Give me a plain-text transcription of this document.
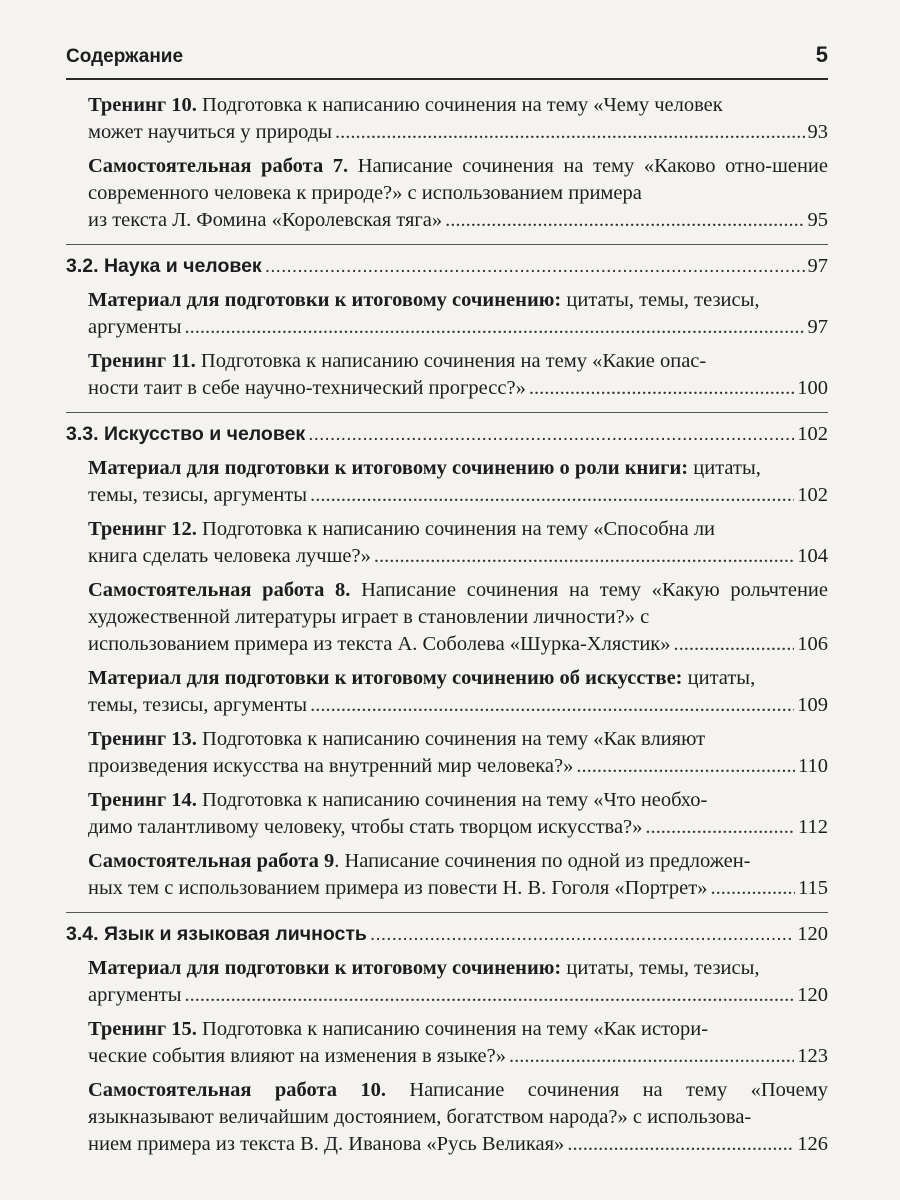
Содержание	5
Тренинг 10. Подготовка к написанию сочинения на тему «Чему человек
может научиться у природы .....	93
Самостоятельная работа 7. Написание сочинения на тему «Каково отно-шение современного человека к природе?» с использованием примера
из текста Л. Фомина «Королевская тяга» .....	95
3.2. Наука и человек .....	97
Материал для подготовки к итоговому сочинению: цитаты, темы, тезисы,
аргументы .....	97
Тренинг 11. Подготовка к написанию сочинения на тему «Какие опас-
ности таит в себе научно-технический прогресс?» .....	100
3.3. Искусство и человек .....	102
Материал для подготовки к итоговому сочинению о роли книги: цитаты,
темы, тезисы, аргументы .....	102
Тренинг 12. Подготовка к написанию сочинения на тему «Способна ли
книга сделать человека лучше?» .....	104
Самостоятельная работа 8. Написание сочинения на тему «Какую рольчтение художественной литературы играет в становлении личности?» с
использованием примера из текста А. Соболева «Шурка-Хлястик» .....	106
Материал для подготовки к итоговому сочинению об искусстве: цитаты,
темы, тезисы, аргументы .....	109
Тренинг 13. Подготовка к написанию сочинения на тему «Как влияют
произведения искусства на внутренний мир человека?» .....	110
Тренинг 14. Подготовка к написанию сочинения на тему «Что необхо-
димо талантливому человеку, чтобы стать творцом искусства?» .....	112
Самостоятельная работа 9. Написание сочинения по одной из предложен-
ных тем с использованием примера из повести Н. В. Гоголя «Портрет» .....	115
3.4. Язык и языковая личность .....	120
Материал для подготовки к итоговому сочинению: цитаты, темы, тезисы,
аргументы .....	120
Тренинг 15. Подготовка к написанию сочинения на тему «Как истори-
ческие события влияют на изменения в языке?» .....	123
Самостоятельная работа 10. Написание сочинения на тему «Почему языкназывают величайшим достоянием, богатством народа?» с использова-
нием примера из текста В. Д. Иванова «Русь Великая» .....	126
